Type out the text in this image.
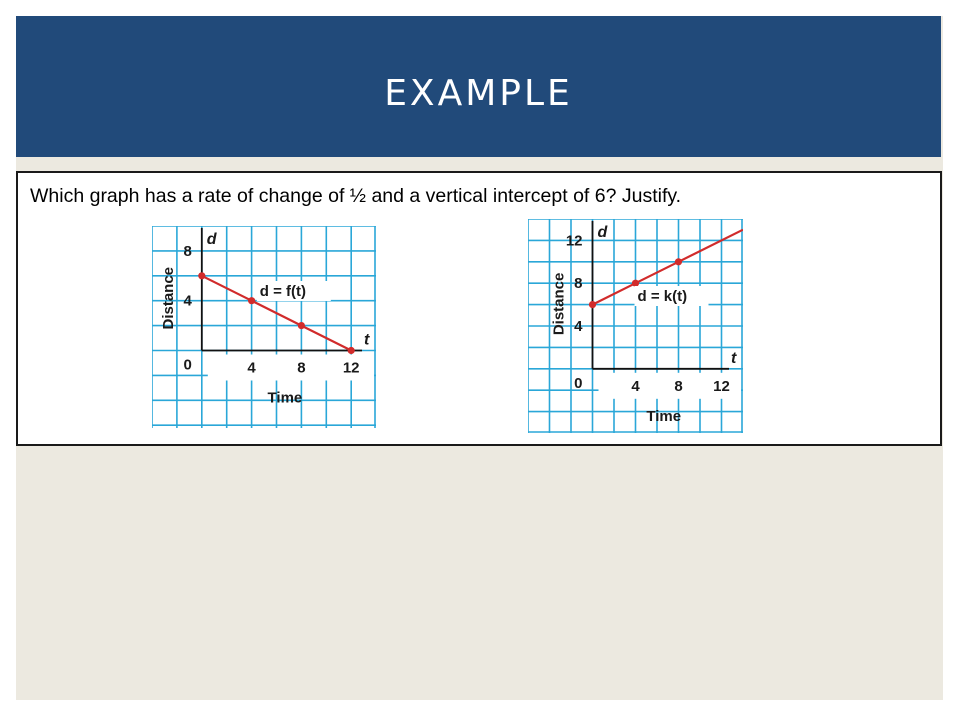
EXAMPLE
Which graph has a rate of change of ½ and a vertical intercept of 6? Justify.
4	8 12
4
8
0
d
t
Time
Distance	d = f(t)
4 8 12
4
8
12
0
d
t
Time
Distance	d = k(t)
